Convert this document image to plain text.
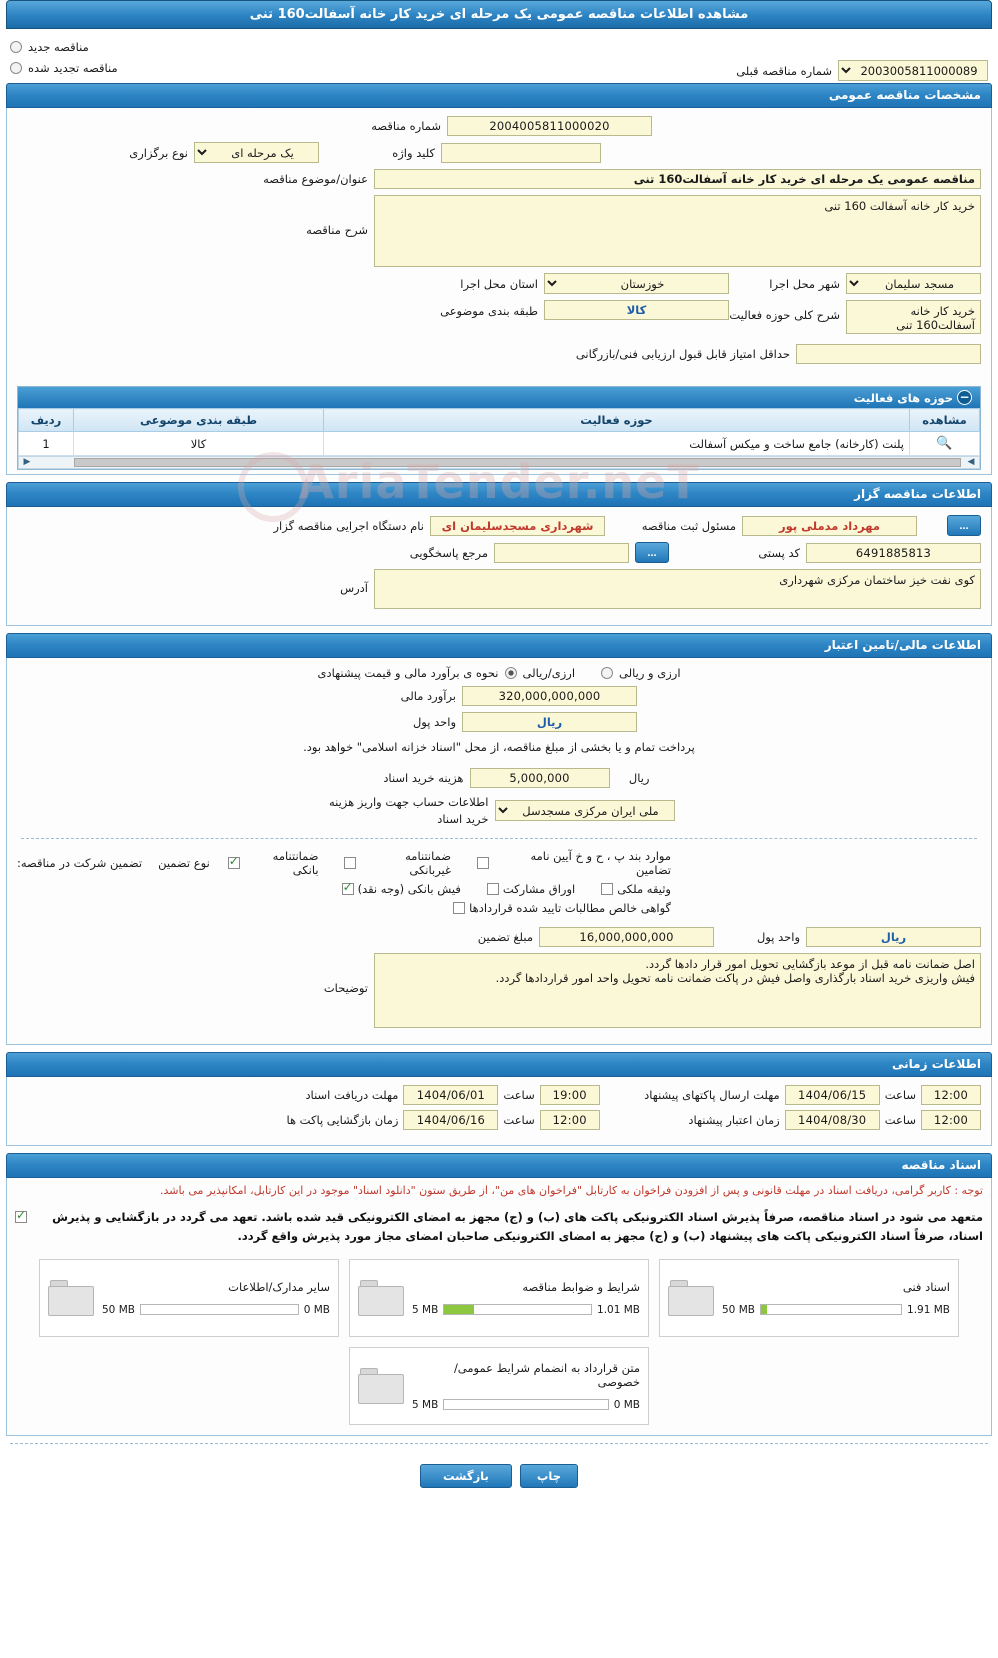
AriaTender.neT
مشاهده اطلاعات مناقصه عمومی یک مرحله ای خرید کار خانه آسفالت160 تنی
مناقصه جدید
مناقصه تجدید شده
2003005811000089	شماره مناقصه قبلی
مشخصات مناقصه عمومی
2004005811000020
شماره مناقصه
کلید واژه
یک مرحله ای
نوع برگزاری
مناقصه عمومی یک مرحله ای خرید کار خانه آسفالت160 تنی
عنوان/موضوع مناقصه
خرید کار خانه آسفالت 160 تنی
شرح مناقصه
مسجد سلیمان
شهر محل اجرا
خوزستان
استان محل اجرا
خرید کار خانه آسفالت160 تنی
شرح کلی حوزه فعالیت
کالا
طبقه بندی موضوعی
حداقل امتیاز قابل قبول ارزیابی فنی/بازرگانی
−
حوزه های فعالیت
مشاهده	حوزه فعالیت	طبقه بندی موضوعی	ردیف
🔍	پلنت (کارخانه) جامع ساخت و میکس آسفالت	کالا	1
◀
▶
اطلاعات مناقصه گزار
...
مهرداد مدملی پور
مسئول ثبت مناقصه
شهرداری مسجدسلیمان ای
نام دستگاه اجرایی مناقصه گزار
6491885813
کد پستی
...
مرجع پاسخگویی
کوی نفت خیز ساختمان مرکزی شهرداری
آدرس
اطلاعات مالی/تامین اعتبار
ارزی و ریالی
ارزی/ریالی
نحوه ی برآورد مالی و قیمت پیشنهادی
320,000,000,000
برآورد مالی
ریال
واحد پول
پرداخت تمام و یا بخشی از مبلغ مناقصه، از محل "اسناد خزانه اسلامی" خواهد بود.
ریال
5,000,000
هزینه خرید اسناد
ملی ایران مرکزی مسجدسل
اطلاعات حساب جهت واریز هزینه خرید اسناد
موارد بند پ ، ح و خ آیین نامه تضامین
ضمانتنامه غیربانکی
✓
ضمانتنامه بانکی
نوع تضمین
تضمین شرکت در مناقصه:
وثیقه ملکی
اوراق مشارکت
✓
فیش بانکی (وجه نقد)
گواهی خالص مطالبات تایید شده قراردادها
ریال
واحد پول
16,000,000,000
مبلغ تضمین
اصل ضمانت نامه قبل از موعد بازگشایی تحویل امور قرار دادها گردد. فیش واریزی خرید اسناد بارگذاری واصل فیش در پاکت ضمانت نامه تحویل واحد امور قراردادها گردد.
توضیحات
اطلاعات زمانی
12:00
ساعت
1404/06/15
مهلت ارسال پاکتهای پیشنهاد
19:00
ساعت
1404/06/01
مهلت دریافت اسناد
12:00
ساعت
1404/08/30
زمان اعتبار پیشنهاد
12:00
ساعت
1404/06/16
زمان بازگشایی پاکت ها
اسناد مناقصه
توجه : کاربر گرامی، دریافت اسناد در مهلت قانونی و پس از افزودن فراخوان به کارتابل "فراخوان های من"، از طریق ستون "دانلود اسناد" موجود در این کارتابل، امکانپذیر می باشد.

متعهد می شود در اسناد مناقصه، صرفاً پذیرش اسناد الکترونیکی پاکت های (ب) و (ج) مجهز به امضای الکترونیکی قید شده باشد. تعهد می گردد در بازگشایی و پذیرش اسناد، صرفاً اسناد الکترونیکی پاکت های پیشنهاد (ب) و (ج) مجهز به امضای الکترونیکی صاحبان امضای مجاز مورد پذیرش واقع گردد.

✓
اسناد فنی
50 MB	1.91 MB
شرایط و ضوابط مناقصه
5 MB	1.01 MB
سایر مدارک/اطلاعات
50 MB	0 MB
متن قرارداد به انضمام شرایط عمومی/خصوصی
5 MB	0 MB
چاپ
بازگشت
